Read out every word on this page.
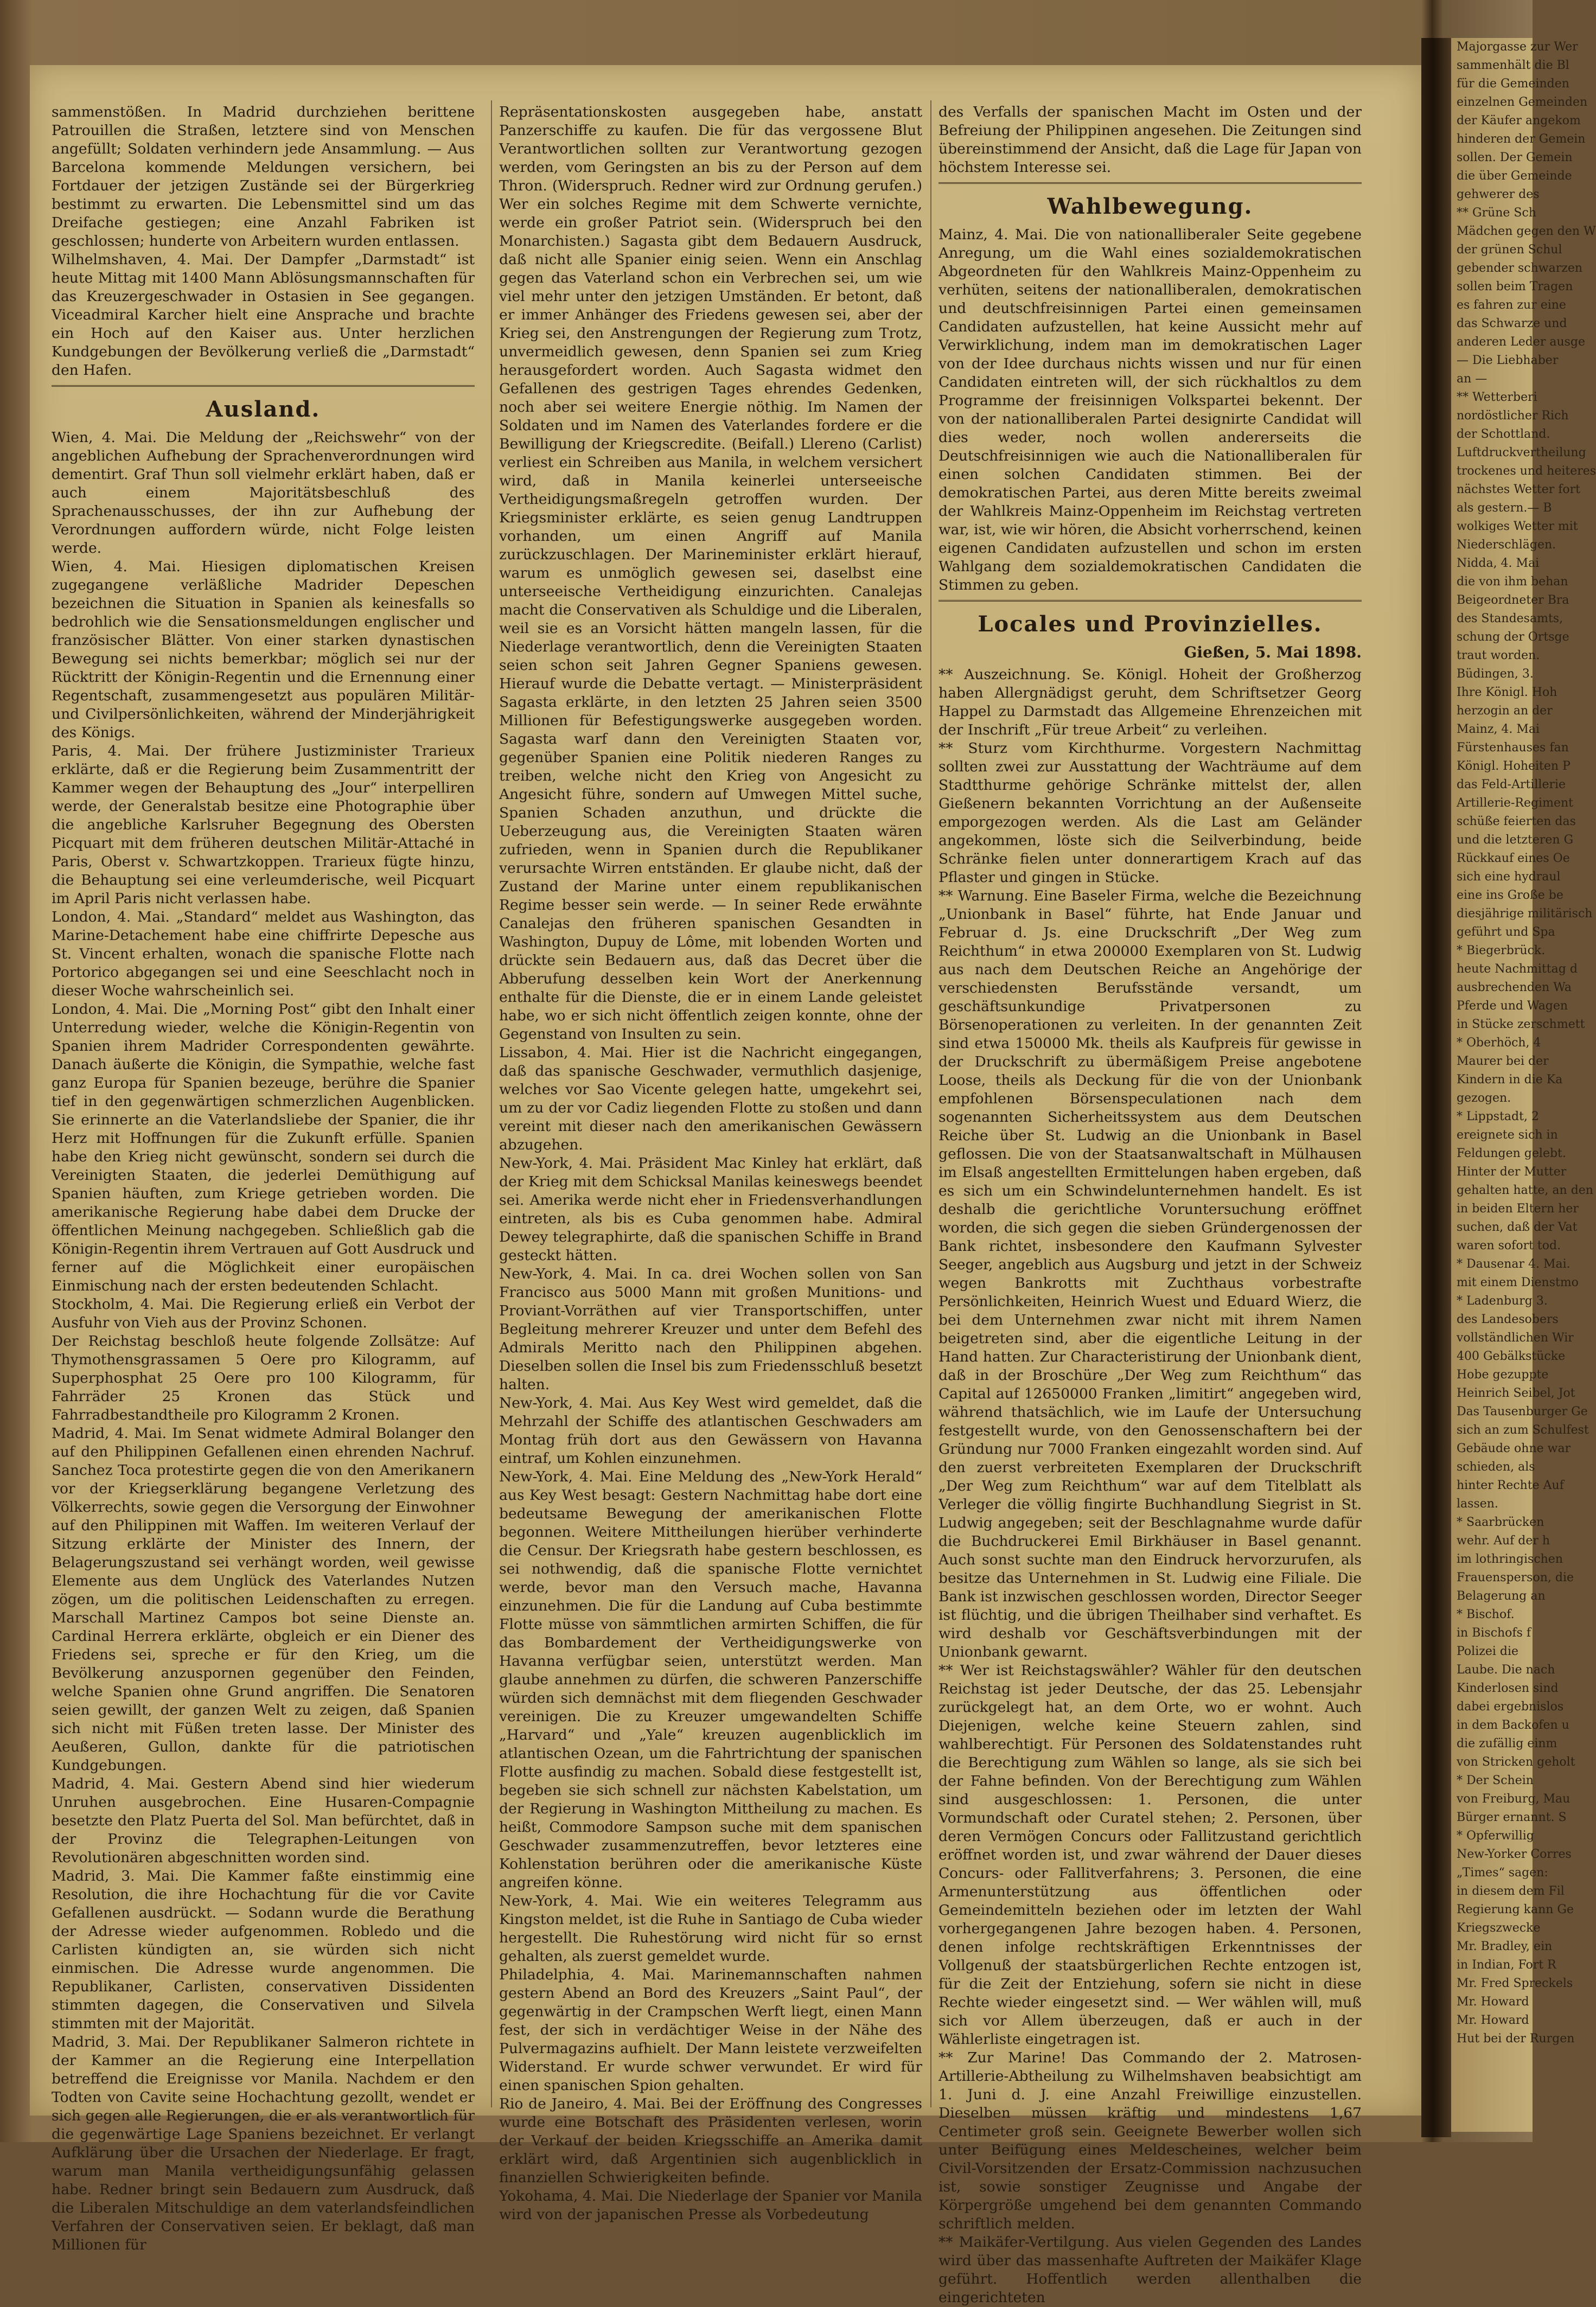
Majorgasse zur Wer

sammenhält die Bl

für die Gemeinden

einzelnen Gemeinden

der Käufer angekom

hinderen der Gemein

sollen. Der Gemein

die über Gemeinde

gehwerer des

** Grüne Sch

Mädchen gegen den W

der grünen Schul

gebender schwarzen

sollen beim Tragen

es fahren zur eine

das Schwarze und

anderen Leder ausge

— Die Liebhaber

an —

** Wetterberi

nordöstlicher Rich

der Schottland.

Luftdruckvertheilung

trockenes und heiteres

nächstes Wetter fort

als gestern.— B

wolkiges Wetter mit

Niederschlägen.

Nidda, 4. Mai

die von ihm behan

Beigeordneter Bra

des Standesamts,

schung der Ortsge

traut worden.

Büdingen, 3.

Ihre Königl. Hoh

herzogin an der

Mainz, 4. Mai

Fürstenhauses fan

Königl. Hoheiten P

das Feld-Artillerie

Artillerie-Regiment

schüße feierten das

und die letzteren G

Rückkauf eines Oe

sich eine hydraul

eine ins Große be

diesjährige militärisch

geführt und Spa

* Biegerbrück.

heute Nachmittag d

ausbrechenden Wa

Pferde und Wagen

in Stücke zerschmett

* Oberhöch, 4

Maurer bei der

Kindern in die Ka

gezogen.

* Lippstadt, 2

ereignete sich in

Feldungen gelebt.

Hinter der Mutter

gehalten hatte, an den

in beiden Eltern her

suchen, daß der Vat

waren sofort tod.

* Dausenar 4. Mai.

mit einem Dienstmo

* Ladenburg 3.

des Landesobers

vollständlichen Wir

400 Gebälkstücke

Hobe gezuppte

Heinrich Seibel, Jot

Das Tausenburger Ge

sich an zum Schulfest

Gebäude ohne war

schieden, als

hinter Rechte Auf

lassen.

* Saarbrücken

wehr. Auf der h

im lothringischen

Frauensperson, die

Belagerung an

* Bischof.

in Bischofs f

Polizei die

Laube. Die nach

Kinderlosen sind

dabei ergebnislos

in dem Backofen u

die zufällig einm

von Stricken geholt

* Der Schein

von Freiburg, Mau

Bürger ernannt. S

* Opferwillig

New-Yorker Corres

„Times“ sagen:

in diesem dem Fil

Regierung kann Ge

Kriegszwecke

Mr. Bradley, ein

in Indian, Fort R

Mr. Fred Spreckels

Mr. Howard

Mr. Howard

Hut bei der Rurgen

sammenstößen. In Madrid durchziehen berittene Patrouillen die Straßen, letztere sind von Menschen angefüllt; Soldaten verhindern jede Ansammlung. — Aus Barcelona kommende Meldungen versichern, bei Fortdauer der jetzigen Zustände sei der Bürgerkrieg bestimmt zu erwarten. Die Lebensmittel sind um das Dreifache gestiegen; eine Anzahl Fabriken ist geschlossen; hunderte von Arbeitern wurden entlassen.

Wilhelmshaven, 4. Mai. Der Dampfer „Darmstadt“ ist heute Mittag mit 1400 Mann Ablösungsmannschaften für das Kreuzergeschwader in Ostasien in See gegangen. Viceadmiral Karcher hielt eine Ansprache und brachte ein Hoch auf den Kaiser aus. Unter herzlichen Kundgebungen der Bevölkerung verließ die „Darmstadt“ den Hafen.

Ausland.

Wien, 4. Mai. Die Meldung der „Reichswehr“ von der angeblichen Aufhebung der Sprachenverordnungen wird dementirt. Graf Thun soll vielmehr erklärt haben, daß er auch einem Majoritätsbeschluß des Sprachenausschusses, der ihn zur Aufhebung der Verordnungen auffordern würde, nicht Folge leisten werde.

Wien, 4. Mai. Hiesigen diplomatischen Kreisen zugegangene verläßliche Madrider Depeschen bezeichnen die Situation in Spanien als keinesfalls so bedrohlich wie die Sensationsmeldungen englischer und französischer Blätter. Von einer starken dynastischen Bewegung sei nichts bemerkbar; möglich sei nur der Rücktritt der Königin-Regentin und die Ernennung einer Regentschaft, zusammengesetzt aus populären Militär- und Civilpersönlichkeiten, während der Minderjährigkeit des Königs.

Paris, 4. Mai. Der frühere Justizminister Trarieux erklärte, daß er die Regierung beim Zusammentritt der Kammer wegen der Behauptung des „Jour“ interpelliren werde, der Generalstab besitze eine Photographie über die angebliche Karlsruher Begegnung des Obersten Picquart mit dem früheren deutschen Militär-Attaché in Paris, Oberst v. Schwartzkoppen. Trarieux fügte hinzu, die Behauptung sei eine verleumderische, weil Picquart im April Paris nicht verlassen habe.

London, 4. Mai. „Standard“ meldet aus Washington, das Marine-Detachement habe eine chiffrirte Depesche aus St. Vincent erhalten, wonach die spanische Flotte nach Portorico abgegangen sei und eine Seeschlacht noch in dieser Woche wahrscheinlich sei.

London, 4. Mai. Die „Morning Post“ gibt den Inhalt einer Unterredung wieder, welche die Königin-Regentin von Spanien ihrem Madrider Correspondenten gewährte. Danach äußerte die Königin, die Sympathie, welche fast ganz Europa für Spanien bezeuge, berühre die Spanier tief in den gegenwärtigen schmerzlichen Augenblicken. Sie erinnerte an die Vaterlandsliebe der Spanier, die ihr Herz mit Hoffnungen für die Zukunft erfülle. Spanien habe den Krieg nicht gewünscht, sondern sei durch die Vereinigten Staaten, die jederlei Demüthigung auf Spanien häuften, zum Kriege getrieben worden. Die amerikanische Regierung habe dabei dem Drucke der öffentlichen Meinung nachgegeben. Schließlich gab die Königin-Regentin ihrem Vertrauen auf Gott Ausdruck und ferner auf die Möglichkeit einer europäischen Einmischung nach der ersten bedeutenden Schlacht.

Stockholm, 4. Mai. Die Regierung erließ ein Verbot der Ausfuhr von Vieh aus der Provinz Schonen.

Der Reichstag beschloß heute folgende Zollsätze: Auf Thymothensgrassamen 5 Oere pro Kilogramm, auf Superphosphat 25 Oere pro 100 Kilogramm, für Fahrräder 25 Kronen das Stück und Fahrradbestandtheile pro Kilogramm 2 Kronen.

Madrid, 4. Mai. Im Senat widmete Admiral Bolanger den auf den Philippinen Gefallenen einen ehrenden Nachruf. Sanchez Toca protestirte gegen die von den Amerikanern vor der Kriegserklärung begangene Verletzung des Völkerrechts, sowie gegen die Versorgung der Einwohner auf den Philippinen mit Waffen. Im weiteren Verlauf der Sitzung erklärte der Minister des Innern, der Belagerungszustand sei verhängt worden, weil gewisse Elemente aus dem Unglück des Vaterlandes Nutzen zögen, um die politischen Leidenschaften zu erregen. Marschall Martinez Campos bot seine Dienste an. Cardinal Herrera erklärte, obgleich er ein Diener des Friedens sei, spreche er für den Krieg, um die Bevölkerung anzuspornen gegenüber den Feinden, welche Spanien ohne Grund angriffen. Die Senatoren seien gewillt, der ganzen Welt zu zeigen, daß Spanien sich nicht mit Füßen treten lasse. Der Minister des Aeußeren, Gullon, dankte für die patriotischen Kundgebungen.

Madrid, 4. Mai. Gestern Abend sind hier wiederum Unruhen ausgebrochen. Eine Husaren-Compagnie besetzte den Platz Puerta del Sol. Man befürchtet, daß in der Provinz die Telegraphen-Leitungen von Revolutionären abgeschnitten worden sind.

Madrid, 3. Mai. Die Kammer faßte einstimmig eine Resolution, die ihre Hochachtung für die vor Cavite Gefallenen ausdrückt. — Sodann wurde die Berathung der Adresse wieder aufgenommen. Robledo und die Carlisten kündigten an, sie würden sich nicht einmischen. Die Adresse wurde angenommen. Die Republikaner, Carlisten, conservativen Dissidenten stimmten dagegen, die Conservativen und Silvela stimmten mit der Majorität.

Madrid, 3. Mai. Der Republikaner Salmeron richtete in der Kammer an die Regierung eine Interpellation betreffend die Ereignisse vor Manila. Nachdem er den Todten von Cavite seine Hochachtung gezollt, wendet er sich gegen alle Regierungen, die er als verantwortlich für die gegenwärtige Lage Spaniens bezeichnet. Er verlangt Aufklärung über die Ursachen der Niederlage. Er fragt, warum man Manila vertheidigungsunfähig gelassen habe. Redner bringt sein Bedauern zum Ausdruck, daß die Liberalen Mitschuldige an dem vaterlandsfeindlichen Verfahren der Conservativen seien. Er beklagt, daß man Millionen für

Repräsentationskosten ausgegeben habe, anstatt Panzerschiffe zu kaufen. Die für das vergossene Blut Verantwortlichen sollten zur Verantwortung gezogen werden, vom Geringsten an bis zu der Person auf dem Thron. (Widerspruch. Redner wird zur Ordnung gerufen.) Wer ein solches Regime mit dem Schwerte vernichte, werde ein großer Patriot sein. (Widerspruch bei den Monarchisten.) Sagasta gibt dem Bedauern Ausdruck, daß nicht alle Spanier einig seien. Wenn ein Anschlag gegen das Vaterland schon ein Verbrechen sei, um wie viel mehr unter den jetzigen Umständen. Er betont, daß er immer Anhänger des Friedens gewesen sei, aber der Krieg sei, den Anstrengungen der Regierung zum Trotz, unvermeidlich gewesen, denn Spanien sei zum Krieg herausgefordert worden. Auch Sagasta widmet den Gefallenen des gestrigen Tages ehrendes Gedenken, noch aber sei weitere Energie nöthig. Im Namen der Soldaten und im Namen des Vaterlandes fordere er die Bewilligung der Kriegscredite. (Beifall.) Llereno (Carlist) verliest ein Schreiben aus Manila, in welchem versichert wird, daß in Manila keinerlei unterseeische Vertheidigungsmaßregeln getroffen wurden. Der Kriegsminister erklärte, es seien genug Landtruppen vorhanden, um einen Angriff auf Manila zurückzuschlagen. Der Marineminister erklärt hierauf, warum es unmöglich gewesen sei, daselbst eine unterseeische Vertheidigung einzurichten. Canalejas macht die Conservativen als Schuldige und die Liberalen, weil sie es an Vorsicht hätten mangeln lassen, für die Niederlage verantwortlich, denn die Vereinigten Staaten seien schon seit Jahren Gegner Spaniens gewesen. Hierauf wurde die Debatte vertagt. — Ministerpräsident Sagasta erklärte, in den letzten 25 Jahren seien 3500 Millionen für Befestigungswerke ausgegeben worden. Sagasta warf dann den Vereinigten Staaten vor, gegenüber Spanien eine Politik niederen Ranges zu treiben, welche nicht den Krieg von Angesicht zu Angesicht führe, sondern auf Umwegen Mittel suche, Spanien Schaden anzuthun, und drückte die Ueberzeugung aus, die Vereinigten Staaten wären zufrieden, wenn in Spanien durch die Republikaner verursachte Wirren entständen. Er glaube nicht, daß der Zustand der Marine unter einem republikanischen Regime besser sein werde. — In seiner Rede erwähnte Canalejas den früheren spanischen Gesandten in Washington, Dupuy de Lôme, mit lobenden Worten und drückte sein Bedauern aus, daß das Decret über die Abberufung desselben kein Wort der Anerkennung enthalte für die Dienste, die er in einem Lande geleistet habe, wo er sich nicht öffentlich zeigen konnte, ohne der Gegenstand von Insulten zu sein.

Lissabon, 4. Mai. Hier ist die Nachricht eingegangen, daß das spanische Geschwader, vermuthlich dasjenige, welches vor Sao Vicente gelegen hatte, umgekehrt sei, um zu der vor Cadiz liegenden Flotte zu stoßen und dann vereint mit dieser nach den amerikanischen Gewässern abzugehen.

New-York, 4. Mai. Präsident Mac Kinley hat erklärt, daß der Krieg mit dem Schicksal Manilas keineswegs beendet sei. Amerika werde nicht eher in Friedensverhandlungen eintreten, als bis es Cuba genommen habe. Admiral Dewey telegraphirte, daß die spanischen Schiffe in Brand gesteckt hätten.

New-York, 4. Mai. In ca. drei Wochen sollen von San Francisco aus 5000 Mann mit großen Munitions- und Proviant-Vorräthen auf vier Transportschiffen, unter Begleitung mehrerer Kreuzer und unter dem Befehl des Admirals Meritto nach den Philippinen abgehen. Dieselben sollen die Insel bis zum Friedensschluß besetzt halten.

New-York, 4. Mai. Aus Key West wird gemeldet, daß die Mehrzahl der Schiffe des atlantischen Geschwaders am Montag früh dort aus den Gewässern von Havanna eintraf, um Kohlen einzunehmen.

New-York, 4. Mai. Eine Meldung des „New-York Herald“ aus Key West besagt: Gestern Nachmittag habe dort eine bedeutsame Bewegung der amerikanischen Flotte begonnen. Weitere Mittheilungen hierüber verhinderte die Censur. Der Kriegsrath habe gestern beschlossen, es sei nothwendig, daß die spanische Flotte vernichtet werde, bevor man den Versuch mache, Havanna einzunehmen. Die für die Landung auf Cuba bestimmte Flotte müsse von sämmtlichen armirten Schiffen, die für das Bombardement der Vertheidigungswerke von Havanna verfügbar seien, unterstützt werden. Man glaube annehmen zu dürfen, die schweren Panzerschiffe würden sich demnächst mit dem fliegenden Geschwader vereinigen. Die zu Kreuzer umgewandelten Schiffe „Harvard“ und „Yale“ kreuzen augenblicklich im atlantischen Ozean, um die Fahrtrichtung der spanischen Flotte ausfindig zu machen. Sobald diese festgestellt ist, begeben sie sich schnell zur nächsten Kabelstation, um der Regierung in Washington Mittheilung zu machen. Es heißt, Commodore Sampson suche mit dem spanischen Geschwader zusammenzutreffen, bevor letzteres eine Kohlenstation berühren oder die amerikanische Küste angreifen könne.

New-York, 4. Mai. Wie ein weiteres Telegramm aus Kingston meldet, ist die Ruhe in Santiago de Cuba wieder hergestellt. Die Ruhestörung wird nicht für so ernst gehalten, als zuerst gemeldet wurde.

Philadelphia, 4. Mai. Marinemannschaften nahmen gestern Abend an Bord des Kreuzers „Saint Paul“, der gegenwärtig in der Crampschen Werft liegt, einen Mann fest, der sich in verdächtiger Weise in der Nähe des Pulvermagazins aufhielt. Der Mann leistete verzweifelten Widerstand. Er wurde schwer verwundet. Er wird für einen spanischen Spion gehalten.

Rio de Janeiro, 4. Mai. Bei der Eröffnung des Congresses wurde eine Botschaft des Präsidenten verlesen, worin der Verkauf der beiden Kriegsschiffe an Amerika damit erklärt wird, daß Argentinien sich augenblicklich in finanziellen Schwierigkeiten befinde.

Yokohama, 4. Mai. Die Niederlage der Spanier vor Manila wird von der japanischen Presse als Vorbedeutung

des Verfalls der spanischen Macht im Osten und der Befreiung der Philippinen angesehen. Die Zeitungen sind übereinstimmend der Ansicht, daß die Lage für Japan von höchstem Interesse sei.

Wahlbewegung.

Mainz, 4. Mai. Die von nationalliberaler Seite gegebene Anregung, um die Wahl eines sozialdemokratischen Abgeordneten für den Wahlkreis Mainz-Oppenheim zu verhüten, seitens der nationalliberalen, demokratischen und deutschfreisinnigen Partei einen gemeinsamen Candidaten aufzustellen, hat keine Aussicht mehr auf Verwirklichung, indem man im demokratischen Lager von der Idee durchaus nichts wissen und nur für einen Candidaten eintreten will, der sich rückhaltlos zu dem Programme der freisinnigen Volkspartei bekennt. Der von der nationalliberalen Partei designirte Candidat will dies weder, noch wollen andererseits die Deutschfreisinnigen wie auch die Nationalliberalen für einen solchen Candidaten stimmen. Bei der demokratischen Partei, aus deren Mitte bereits zweimal der Wahlkreis Mainz-Oppenheim im Reichstag vertreten war, ist, wie wir hören, die Absicht vorherrschend, keinen eigenen Candidaten aufzustellen und schon im ersten Wahlgang dem sozialdemokratischen Candidaten die Stimmen zu geben.

Locales und Provinzielles.
Gießen, 5. Mai 1898.

** Auszeichnung. Se. Königl. Hoheit der Großherzog haben Allergnädigst geruht, dem Schriftsetzer Georg Happel zu Darmstadt das Allgemeine Ehrenzeichen mit der Inschrift „Für treue Arbeit“ zu verleihen.

** Sturz vom Kirchthurme. Vorgestern Nachmittag sollten zwei zur Ausstattung der Wachträume auf dem Stadtthurme gehörige Schränke mittelst der, allen Gießenern bekannten Vorrichtung an der Außenseite emporgezogen werden. Als die Last am Geländer angekommen, löste sich die Seilverbindung, beide Schränke fielen unter donnerartigem Krach auf das Pflaster und gingen in Stücke.

** Warnung. Eine Baseler Firma, welche die Bezeichnung „Unionbank in Basel“ führte, hat Ende Januar und Februar d. Js. eine Druckschrift „Der Weg zum Reichthum“ in etwa 200000 Exemplaren von St. Ludwig aus nach dem Deutschen Reiche an Angehörige der verschiedensten Berufsstände versandt, um geschäftsunkundige Privatpersonen zu Börsenoperationen zu verleiten. In der genannten Zeit sind etwa 150000 Mk. theils als Kaufpreis für gewisse in der Druckschrift zu übermäßigem Preise angebotene Loose, theils als Deckung für die von der Unionbank empfohlenen Börsenspeculationen nach dem sogenannten Sicherheitssystem aus dem Deutschen Reiche über St. Ludwig an die Unionbank in Basel geflossen. Die von der Staatsanwaltschaft in Mülhausen im Elsaß angestellten Ermittelungen haben ergeben, daß es sich um ein Schwindelunternehmen handelt. Es ist deshalb die gerichtliche Voruntersuchung eröffnet worden, die sich gegen die sieben Gründergenossen der Bank richtet, insbesondere den Kaufmann Sylvester Seeger, angeblich aus Augsburg und jetzt in der Schweiz wegen Bankrotts mit Zuchthaus vorbestrafte Persönlichkeiten, Heinrich Wuest und Eduard Wierz, die bei dem Unternehmen zwar nicht mit ihrem Namen beigetreten sind, aber die eigentliche Leitung in der Hand hatten. Zur Characteristirung der Unionbank dient, daß in der Broschüre „Der Weg zum Reichthum“ das Capital auf 12650000 Franken „limitirt“ angegeben wird, während thatsächlich, wie im Laufe der Untersuchung festgestellt wurde, von den Genossenschaftern bei der Gründung nur 7000 Franken eingezahlt worden sind. Auf den zuerst verbreiteten Exemplaren der Druckschrift „Der Weg zum Reichthum“ war auf dem Titelblatt als Verleger die völlig fingirte Buchhandlung Siegrist in St. Ludwig angegeben; seit der Beschlagnahme wurde dafür die Buchdruckerei Emil Birkhäuser in Basel genannt. Auch sonst suchte man den Eindruck hervorzurufen, als besitze das Unternehmen in St. Ludwig eine Filiale. Die Bank ist inzwischen geschlossen worden, Director Seeger ist flüchtig, und die übrigen Theilhaber sind verhaftet. Es wird deshalb vor Geschäftsverbindungen mit der Unionbank gewarnt.

** Wer ist Reichstagswähler? Wähler für den deutschen Reichstag ist jeder Deutsche, der das 25. Lebensjahr zurückgelegt hat, an dem Orte, wo er wohnt. Auch Diejenigen, welche keine Steuern zahlen, sind wahlberechtigt. Für Personen des Soldatenstandes ruht die Berechtigung zum Wählen so lange, als sie sich bei der Fahne befinden. Von der Berechtigung zum Wählen sind ausgeschlossen: 1. Personen, die unter Vormundschaft oder Curatel stehen; 2. Personen, über deren Vermögen Concurs oder Fallitzustand gerichtlich eröffnet worden ist, und zwar während der Dauer dieses Concurs- oder Fallitverfahrens; 3. Personen, die eine Armenunterstützung aus öffentlichen oder Gemeindemitteln beziehen oder im letzten der Wahl vorhergegangenen Jahre bezogen haben. 4. Personen, denen infolge rechtskräftigen Erkenntnisses der Vollgenuß der staatsbürgerlichen Rechte entzogen ist, für die Zeit der Entziehung, sofern sie nicht in diese Rechte wieder eingesetzt sind. — Wer wählen will, muß sich vor Allem überzeugen, daß er auch in der Wählerliste eingetragen ist.

** Zur Marine! Das Commando der 2. Matrosen-Artillerie-Abtheilung zu Wilhelmshaven beabsichtigt am 1. Juni d. J. eine Anzahl Freiwillige einzustellen. Dieselben müssen kräftig und mindestens 1,67 Centimeter groß sein. Geeignete Bewerber wollen sich unter Beifügung eines Meldescheines, welcher beim Civil-Vorsitzenden der Ersatz-Commission nachzusuchen ist, sowie sonstiger Zeugnisse und Angabe der Körpergröße umgehend bei dem genannten Commando schriftlich melden.

** Maikäfer-Vertilgung. Aus vielen Gegenden des Landes wird über das massenhafte Auftreten der Maikäfer Klage geführt. Hoffentlich werden allenthalben die eingerichteten
